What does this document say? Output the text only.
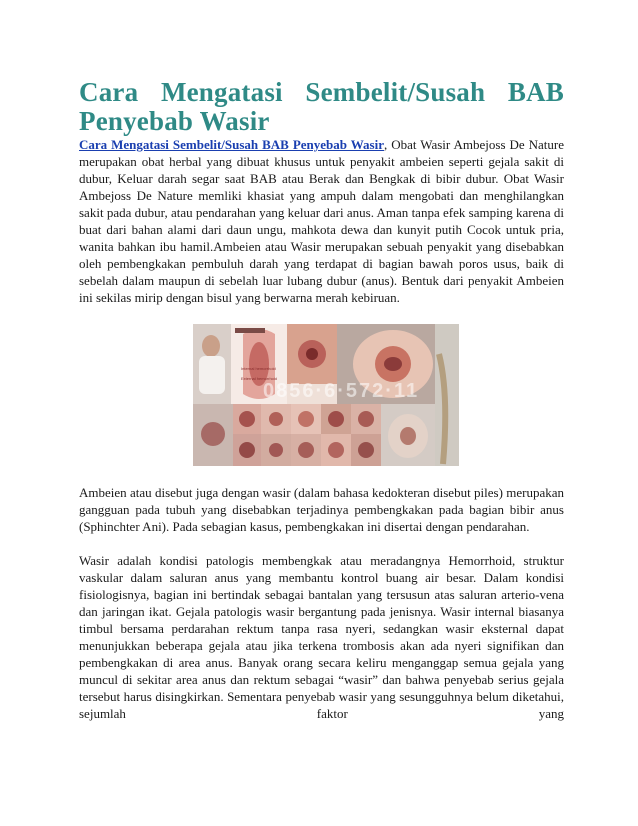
Cara Mengatasi Sembelit/Susah BAB Penyebab Wasir

Cara Mengatasi Sembelit/Susah BAB Penyebab Wasir, Obat Wasir Ambejoss De Nature merupakan obat herbal yang dibuat khusus untuk penyakit ambeien seperti gejala sakit di dubur, Keluar darah segar saat BAB atau Berak dan Bengkak di bibir dubur. Obat Wasir Ambejoss De Nature memliki khasiat yang ampuh dalam mengobati dan menghilangkan sakit pada dubur, atau pendarahan yang keluar dari anus. Aman tanpa efek samping karena di buat dari bahan alami dari daun ungu, mahkota dewa dan kunyit putih Cocok untuk pria, wanita bahkan ibu hamil.Ambeien atau Wasir merupakan sebuah penyakit yang disebabkan oleh pembengkakan pembuluh darah yang terdapat di bagian bawah poros usus, baik di sebelah dalam maupun di sebelah luar lubang dubur (anus). Bentuk dari penyakit Ambeien ini sekilas mirip dengan bisul yang berwarna merah kebiruan.

Internal hemorrhoid
External hemorrhoid
0856·6·572·11

Ambeien atau disebut juga dengan wasir (dalam bahasa kedokteran disebut piles) merupakan gangguan pada tubuh yang disebabkan terjadinya pembengkakan pada bagian bibir anus (Sphinchter Ani). Pada sebagian kasus, pembengkakan ini disertai dengan pendarahan.

Wasir adalah kondisi patologis membengkak atau meradangnya Hemorrhoid, struktur vaskular dalam saluran anus yang membantu kontrol buang air besar. Dalam kondisi fisiologisnya, bagian ini bertindak sebagai bantalan yang tersusun atas saluran arterio-vena dan jaringan ikat. Gejala patologis wasir bergantung pada jenisnya. Wasir internal biasanya timbul bersama perdarahan rektum tanpa rasa nyeri, sedangkan wasir eksternal dapat menunjukkan beberapa gejala atau jika terkena trombosis akan ada nyeri signifikan dan pembengkakan di area anus. Banyak orang secara keliru menganggap semua gejala yang muncul di sekitar area anus dan rektum sebagai “wasir” dan bahwa penyebab serius gejala tersebut harus disingkirkan. Sementara penyebab wasir yang sesungguhnya belum diketahui, sejumlah faktor yang
